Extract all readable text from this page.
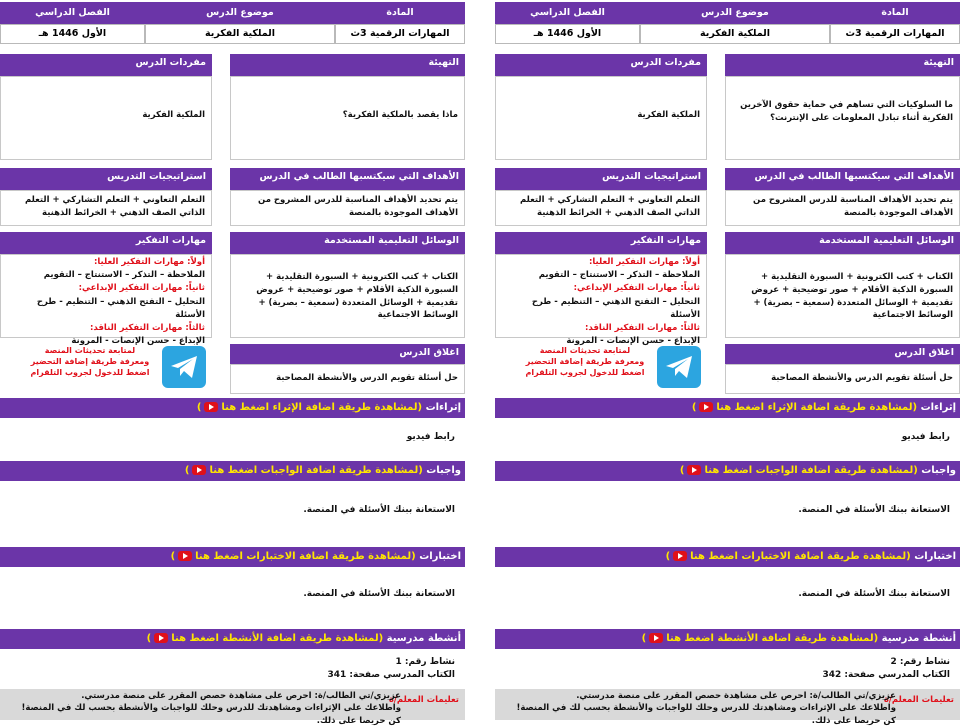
الفصل الدراسي	موضوع الدرس	المادة
الأول 1446 هـ	الملكية الفكرية	المهارات الرقمية 3ث
مفردات الدرس
الملكية الفكرية
التهيئة
ماذا يقصد بالملكية الفكرية؟
استراتيجيات التدريس
التعلم التعاوني + التعلم التشاركي + التعلم الذاتي الصف الذهني + الخرائط الذهنية
الأهداف التي سيكتسبها الطالب في الدرس
يتم تحديد الأهداف المناسبة للدرس المشروح من الأهداف الموجودة بالمنصة
مهارات التفكير
أولاً: مهارات التفكير العليا:
الملاحظة – التذكر – الاستنتاج – التقويم
ثانياً: مهارات التفكير الإبداعي:
التحليل – التفتح الذهني – التنظيم - طرح الأسئلة
ثالثاً: مهارات التفكير الناقد:
الإبداع - حسن الإنصات - المرونة
الوسائل التعليمية المستخدمة
الكتاب + كتب الكترونية + السبورة التقليدية + السبورة الذكية الأقلام + صور توضيحية + عروض تقديمية + الوسائل المتعددة (سمعية – بصرية) + الوسائط الاجتماعية
لمتابعة تحديثات المنصة ومعرفة طريقة إضافة التحضير اضغط للدخول لجروب التلقرام
اغلاق الدرس
حل أسئلة تقويم الدرس والأنشطة المصاحبة
إثراءات (لمشاهدة طريقة اضافة الإثراء اضغط هنا)
رابط فيديو
واجبات (لمشاهدة طريقة اضافة الواجبات اضغط هنا)
الاستعانة ببنك الأسئلة في المنصة.
اختبارات (لمشاهدة طريقة اضافة الاختبارات اضغط هنا)
الاستعانة ببنك الأسئلة في المنصة.
أنشطة مدرسية (لمشاهدة طريقة اضافة الأنشطة اضغط هنا)
نشاط رقم: 1
الكتاب المدرسي صفحة: 341
تعليمات المعلم/ة
عزيزي/تي الطالب/ة: احرص على مشاهدة حصص المقرر على منصة مدرستي.
واطلاعك على الإثراءات ومشاهدتك للدرس وحلك للواجبات والأنشطة بحسب لك في المنصة! كن حريصا على ذلك.
الفصل الدراسي	موضوع الدرس	المادة
الأول 1446 هـ	الملكية الفكرية	المهارات الرقمية 3ث
مفردات الدرس
الملكية الفكرية
التهيئة
ما السلوكيات التي تساهم في حماية حقوق الآخرين الفكرية أثناء تبادل المعلومات على الإنترنت؟
استراتيجيات التدريس
التعلم التعاوني + التعلم التشاركي + التعلم الذاتي الصف الذهني + الخرائط الذهنية
الأهداف التي سيكتسبها الطالب في الدرس
يتم تحديد الأهداف المناسبة للدرس المشروح من الأهداف الموجودة بالمنصة
مهارات التفكير
أولاً: مهارات التفكير العليا:
الملاحظة – التذكر – الاستنتاج – التقويم
ثانياً: مهارات التفكير الإبداعي:
التحليل – التفتح الذهني – التنظيم - طرح الأسئلة
ثالثاً: مهارات التفكير الناقد:
الإبداع - حسن الإنصات - المرونة
الوسائل التعليمية المستخدمة
الكتاب + كتب الكترونية + السبورة التقليدية + السبورة الذكية الأقلام + صور توضيحية + عروض تقديمية + الوسائل المتعددة (سمعية – بصرية) + الوسائط الاجتماعية
لمتابعة تحديثات المنصة ومعرفة طريقة إضافة التحضير اضغط للدخول لجروب التلقرام
اغلاق الدرس
حل أسئلة تقويم الدرس والأنشطة المصاحبة
إثراءات (لمشاهدة طريقة اضافة الإثراء اضغط هنا)
رابط فيديو
واجبات (لمشاهدة طريقة اضافة الواجبات اضغط هنا)
الاستعانة ببنك الأسئلة في المنصة.
اختبارات (لمشاهدة طريقة اضافة الاختبارات اضغط هنا)
الاستعانة ببنك الأسئلة في المنصة.
أنشطة مدرسية (لمشاهدة طريقة اضافة الأنشطة اضغط هنا)
نشاط رقم: 2
الكتاب المدرسي صفحة: 342
تعليمات المعلم/ة
عزيزي/تي الطالب/ة: احرص على مشاهدة حصص المقرر على منصة مدرستي.
واطلاعك على الإثراءات ومشاهدتك للدرس وحلك للواجبات والأنشطة بحسب لك في المنصة! كن حريصا على ذلك.
